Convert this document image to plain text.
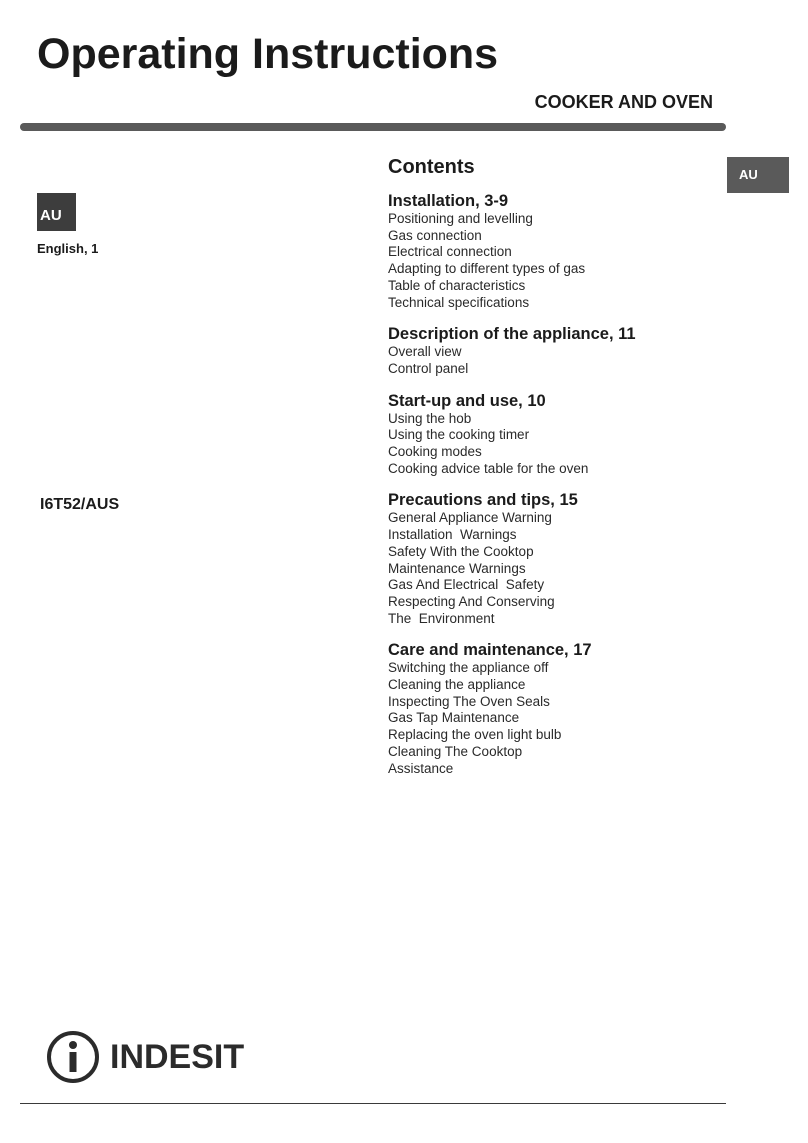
Operating Instructions
COOKER AND OVEN
AU
AU
English, 1
I6T52/AUS
Contents
Installation, 3-9
Positioning and levelling
Gas connection
Electrical connection
Adapting to different types of gas
Table of characteristics
Technical specifications
Description of the appliance, 11
Overall view
Control panel
Start-up and use, 10
Using the hob
Using the cooking timer
Cooking modes
Cooking advice table for the oven
Precautions and tips, 15
General Appliance Warning
Installation  Warnings
Safety With the Cooktop
Maintenance Warnings
Gas And Electrical  Safety
Respecting And Conserving
The  Environment
Care and maintenance, 17
Switching the appliance off
Cleaning the appliance
Inspecting The Oven Seals
Gas Tap Maintenance
Replacing the oven light bulb
Cleaning The Cooktop
Assistance
INDESIT
